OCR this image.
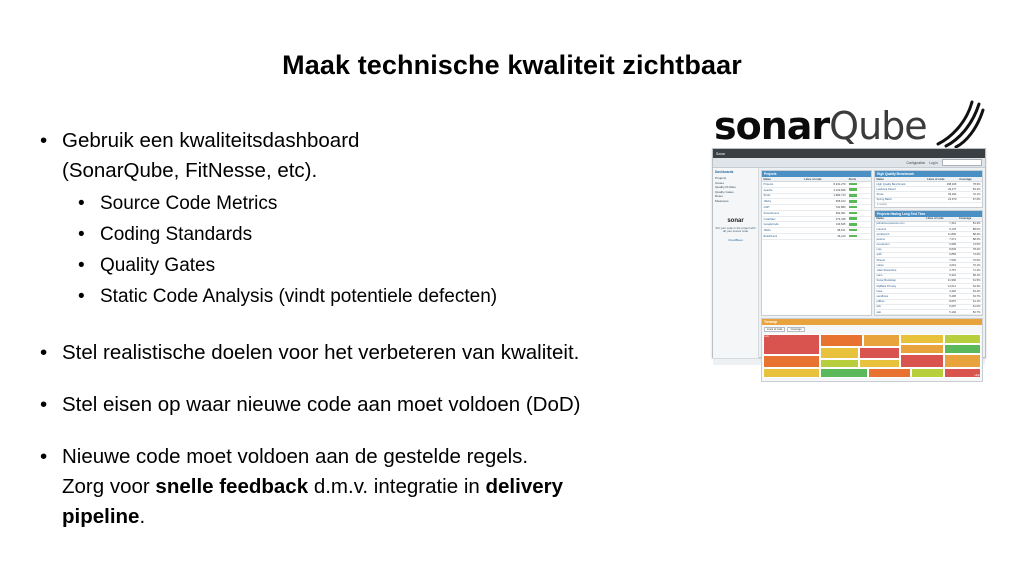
Maak technische kwaliteit zichtbaar
• Gebruik een kwaliteitsdashboard
(SonarQube, FitNesse, etc).
• Source Code Metrics
• Coding Standards
• Quality Gates
• Static Code Analysis (vindt potentiele defecten)
• Stel realistische doelen voor het verbeteren van kwaliteit.
• Stel eisen op waar nieuwe code aan moet voldoen (DoD)
• Nieuwe code moet voldoen aan de gestelde regels.
Zorg voor snelle feedback d.m.v. integratie in delivery
pipeline.
sonarQube
Sonar
Configuration Log in
Dashboards
Projects
Issues
Quality Profiles
Quality Gates
Rules
Measures
sonar
Put your code in the project with all your source code
CloudBees
Projects
Name	Lines of code	Alerts
Projects	8,231,279	
Apache	4,103,828	
Struts	1,982,713	
JRuby	665,103	
GWT	511,880	
SonarSource	392,001	
CodeNarc	273,438	
GoogleCode	133,845	
JIRAs	98,101	
BuildCheck	46,210	
High Quality Benchmark
Name	Lines of code	Coverage
High Quality Benchmark	158,406	78.9%
Lawbook Parent	29,477	83.4%
Struts	63,294	70.1%
Spring Batch	24,670	67.6%
4 results
Projects Having Long Test Time
Name	Lines of code	Coverage
jetbrains-upsource.com	7,412	81.3%
maven2	9,178	88.0%
workbench	11,806	88.2%
jenkins	7,271	88.4%
nexusconn	6,995	74.5%
mps	8,849	78.2%
quilt	6,856	74.0%
Wrenst	7,540	76.5%
native	3,619	70.1%
Juliet Streamline	3,767	71.4%
nano	5,301	68.1%
Sonar Bootstrap	21,966	61.5%
MyBatis Primary	14,011	64.3%
base	4,492	63.2%
sandbone	5,495	63.7%
pdfbox	8,067	61.1%
ads	6,697	61.0%
wiki	5,194	60.7%
Treemap
Lines of code	Coverage
Low
High
